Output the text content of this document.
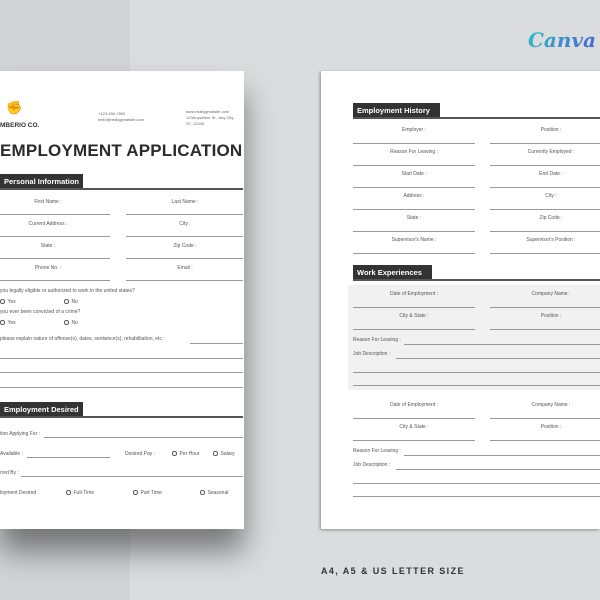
Canva
✊
MBERIO CO.
+123-456-7890
hello@reallygreatsite.com
www.reallygreatsite.com
123Anywhere St., Any City,
ST, 12345
EMPLOYMENT APPLICATION
Personal Information
First Name :	Last Name :
Current Address :	City :
State :	Zip Code :
Phone No. :	Email :
you legally eligible or authorized to work in the united states?
Yes	No
you ever been convicted of a crime?
Yes	No
please explain nature of offense(s), dates, sentwnce(s), rehabilitation, etc :
Employment Desired
tion Applying For :
Available :	Desired Pay :	Per Hour	Salary
rred By :
loyment Desired :	Full-Time	Part Time	Seasonal
Employment History
Employer :	Position :
Reason For Leaving :	Currently Employed :
Start Date :	End Date :
Address :	City :
State :	Zip Code :
Supervisor's Name :	Supervisor's Position :
Work Experiences
Date of Employment :	Company Name :
City & State :	Position :
Reason For Leaving :
Job Description :
Date of Employment :	Company Name :
City & State :	Position :
Reason For Leaving :
Job Description :
A4, A5 & US LETTER SIZE
